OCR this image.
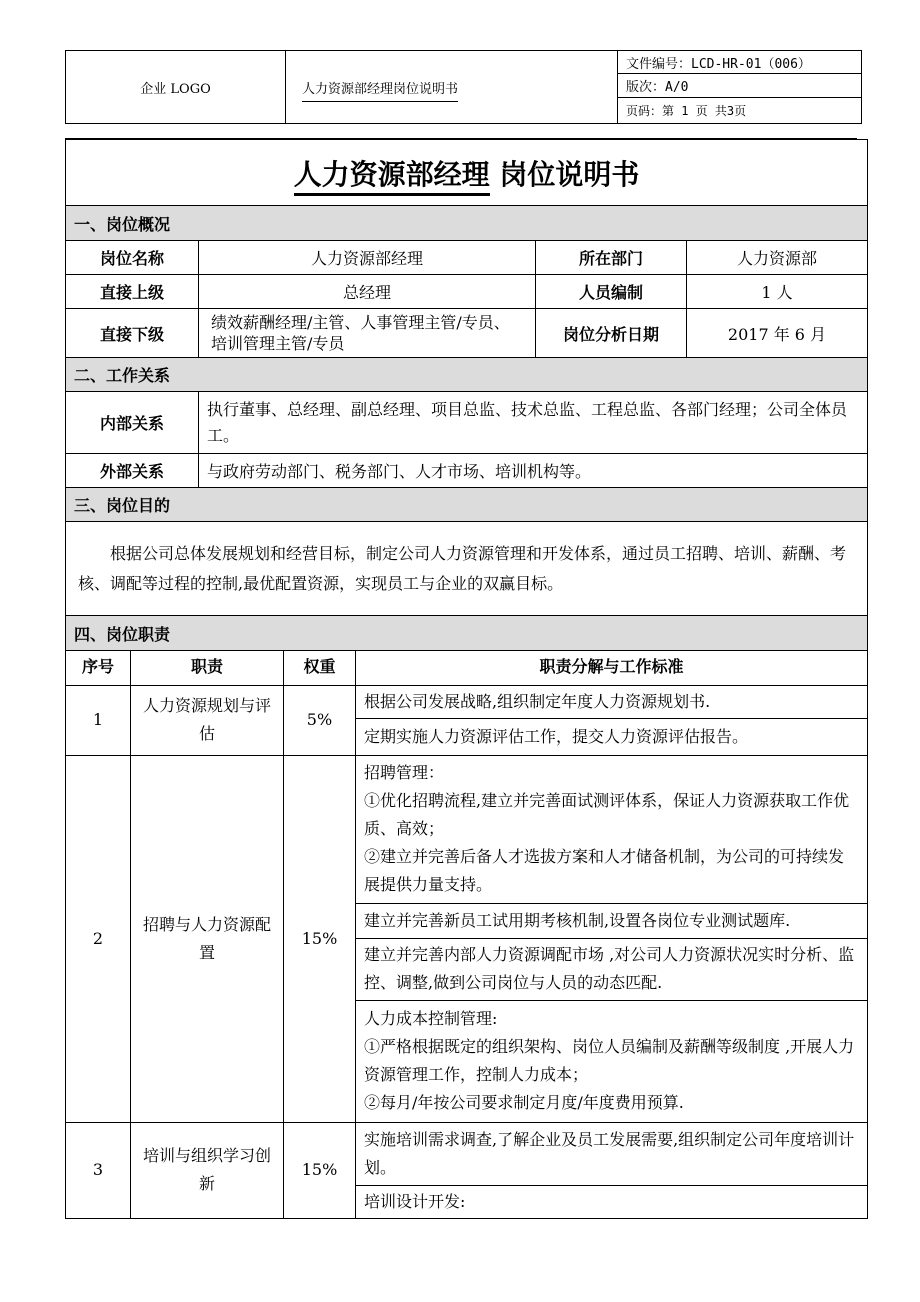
企业 LOGO	人力资源部经理岗位说明书	文件编号：LCD-HR-01（006）
版次：A/0
页码：第 1 页 共3页
人力资源部经理 岗位说明书			
一、岗位概况			
岗位名称	人力资源部经理	所在部门	人力资源部
直接上级	总经理	人员编制	1 人
直接下级	绩效薪酬经理/主管、人事管理主管/专员、培训管理主管/专员	岗位分析日期	2017 年 6 月
二、工作关系			
内部关系	执行董事、总经理、副总经理、项目总监、技术总监、工程总监、各部门经理；公司全体员工。		
外部关系	与政府劳动部门、税务部门、人才市场、培训机构等。		
三、岗位目的			
根据公司总体发展规划和经营目标，制定公司人力资源管理和开发体系，通过员工招聘、培训、薪酬、考核、调配等过程的控制,最优配置资源，实现员工与企业的双赢目标。			
四、岗位职责			
序号	职责	权重	职责分解与工作标准
1	人力资源规划与评估	5%	根据公司发展战略,组织制定年度人力资源规划书.
			定期实施人力资源评估工作，提交人力资源评估报告。
2	招聘与人力资源配置	15%	招聘管理：
①优化招聘流程,建立并完善面试测评体系，保证人力资源获取工作优质、高效；
②建立并完善后备人才选拔方案和人才储备机制，为公司的可持续发展提供力量支持。
			建立并完善新员工试用期考核机制,设置各岗位专业测试题库.
			建立并完善内部人力资源调配市场 ,对公司人力资源状况实时分析、监控、调整,做到公司岗位与人员的动态匹配.
			人力成本控制管理:
①严格根据既定的组织架构、岗位人员编制及薪酬等级制度 ,开展人力资源管理工作，控制人力成本；
②每月/年按公司要求制定月度/年度费用预算.
3	培训与组织学习创新	15%	实施培训需求调查,了解企业及员工发展需要,组织制定公司年度培训计划。
			培训设计开发:
